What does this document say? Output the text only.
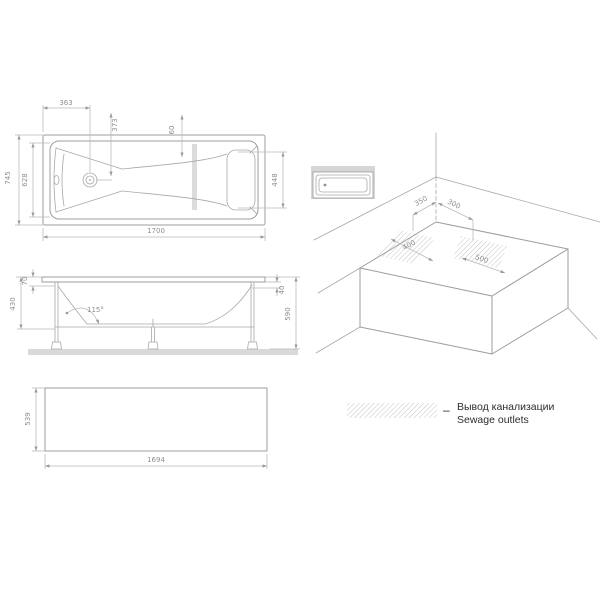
745 628
363
373	60
448
1700
115°
70
430
40
590
539
1694
350 300
400
500
– Вывод канализации
Sewage outlets
